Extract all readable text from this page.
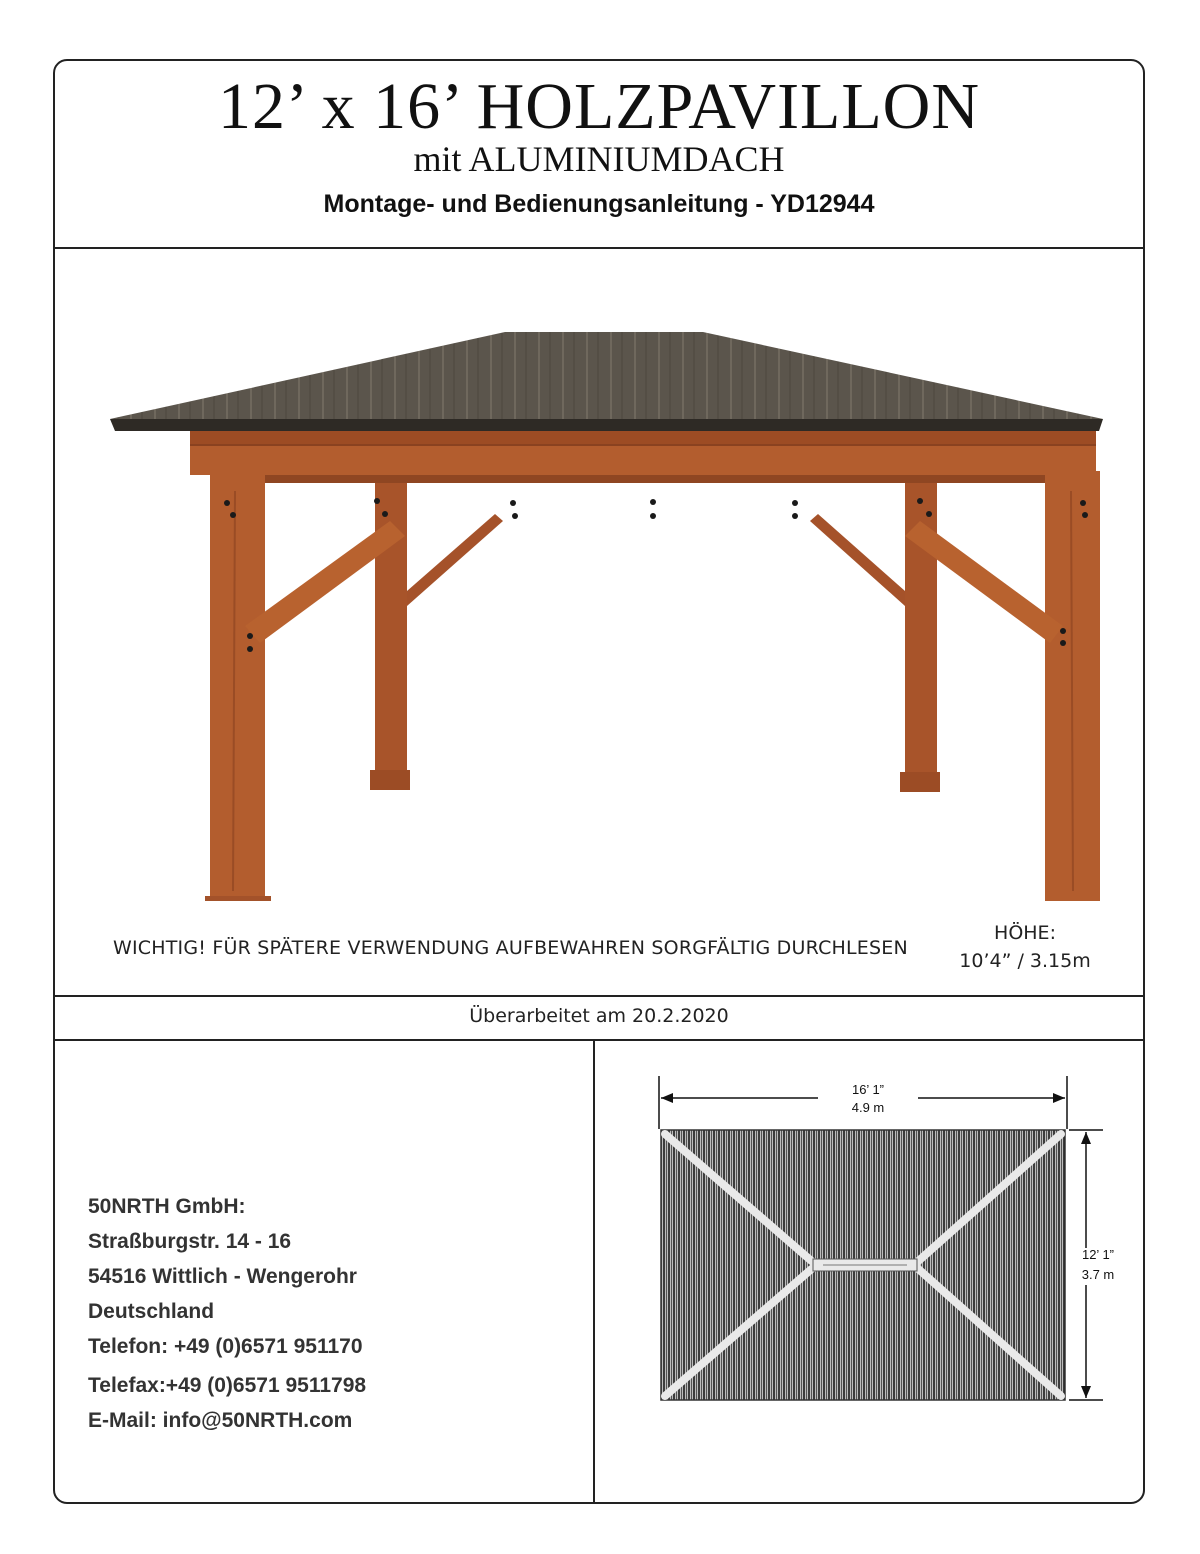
12’ x 16’ HOLZPAVILLON
mit ALUMINIUMDACH
Montage- und Bedienungsanleitung - YD12944
WICHTIG! FÜR SPÄTERE VERWENDUNG AUFBEWAHREN SORGFÄLTIG DURCHLESEN
HÖHE:
10’4” / 3.15m
Überarbeitet am 20.2.2020
50NRTH GmbH:
Straßburgstr. 14 - 16
54516 Wittlich - Wengerohr
Deutschland
Telefon: +49 (0)6571 951170
Telefax:+49 (0)6571 9511798
E-Mail: info@50NRTH.com
16’ 1”
4.9 m
12’ 1”
3.7 m
